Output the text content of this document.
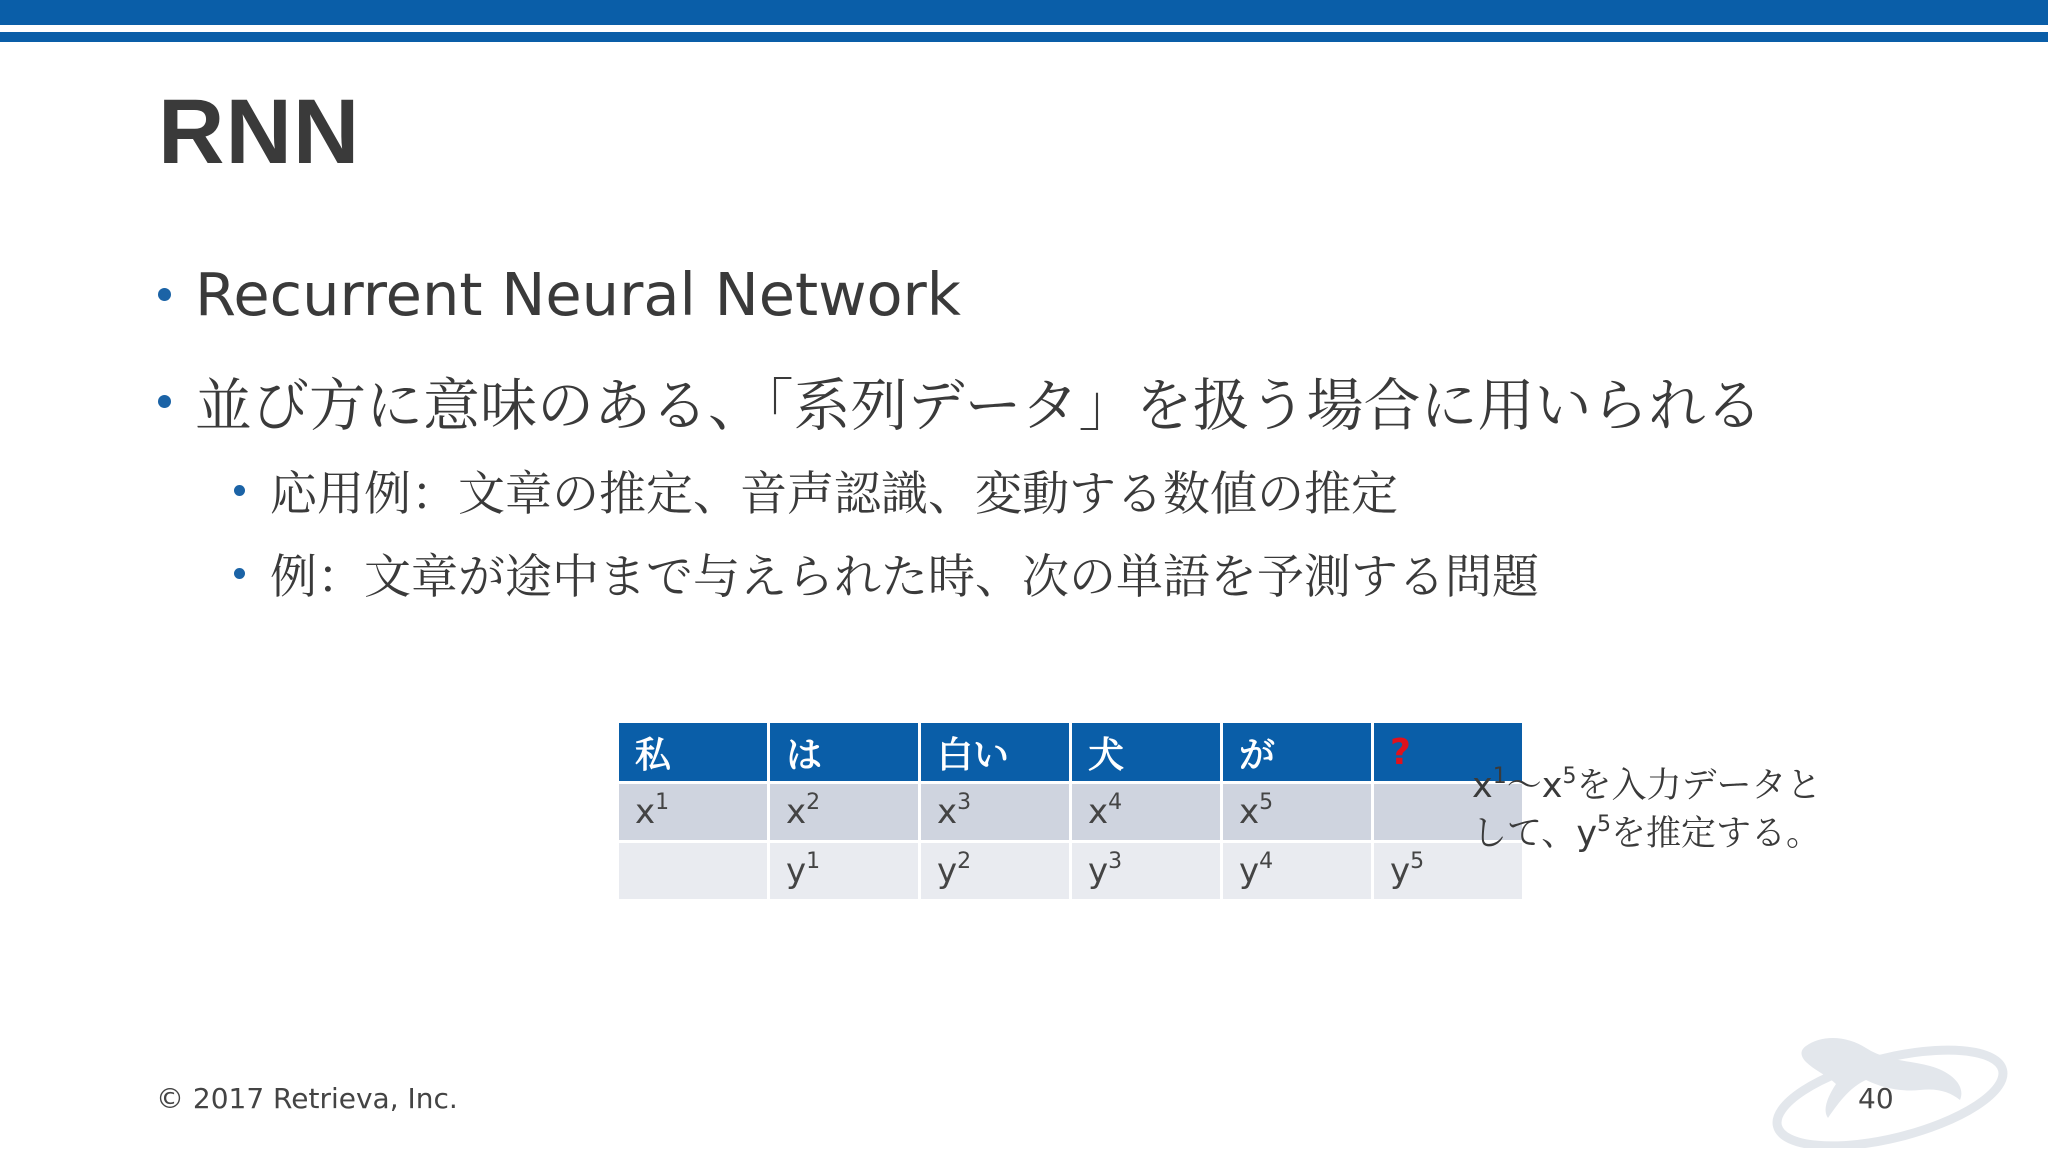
RNN
Recurrent Neural Network
並び方に意味のある、「系列データ」を扱う場合に用いられる
応用例：文章の推定、音声認識、変動する数値の推定
例：文章が途中まで与えられた時、次の単語を予測する問題
私	は	白い	犬	が	?
$x^1$	$x^2$	$x^3$	$x^4$	$x^5$	
	$y^1$	$y^2$	$y^3$	$y^4$	$y^5$
$x^1$〜$x^5$を入力データと
して、$y^5$を推定する。
© 2017 Retrieva, Inc.	40
